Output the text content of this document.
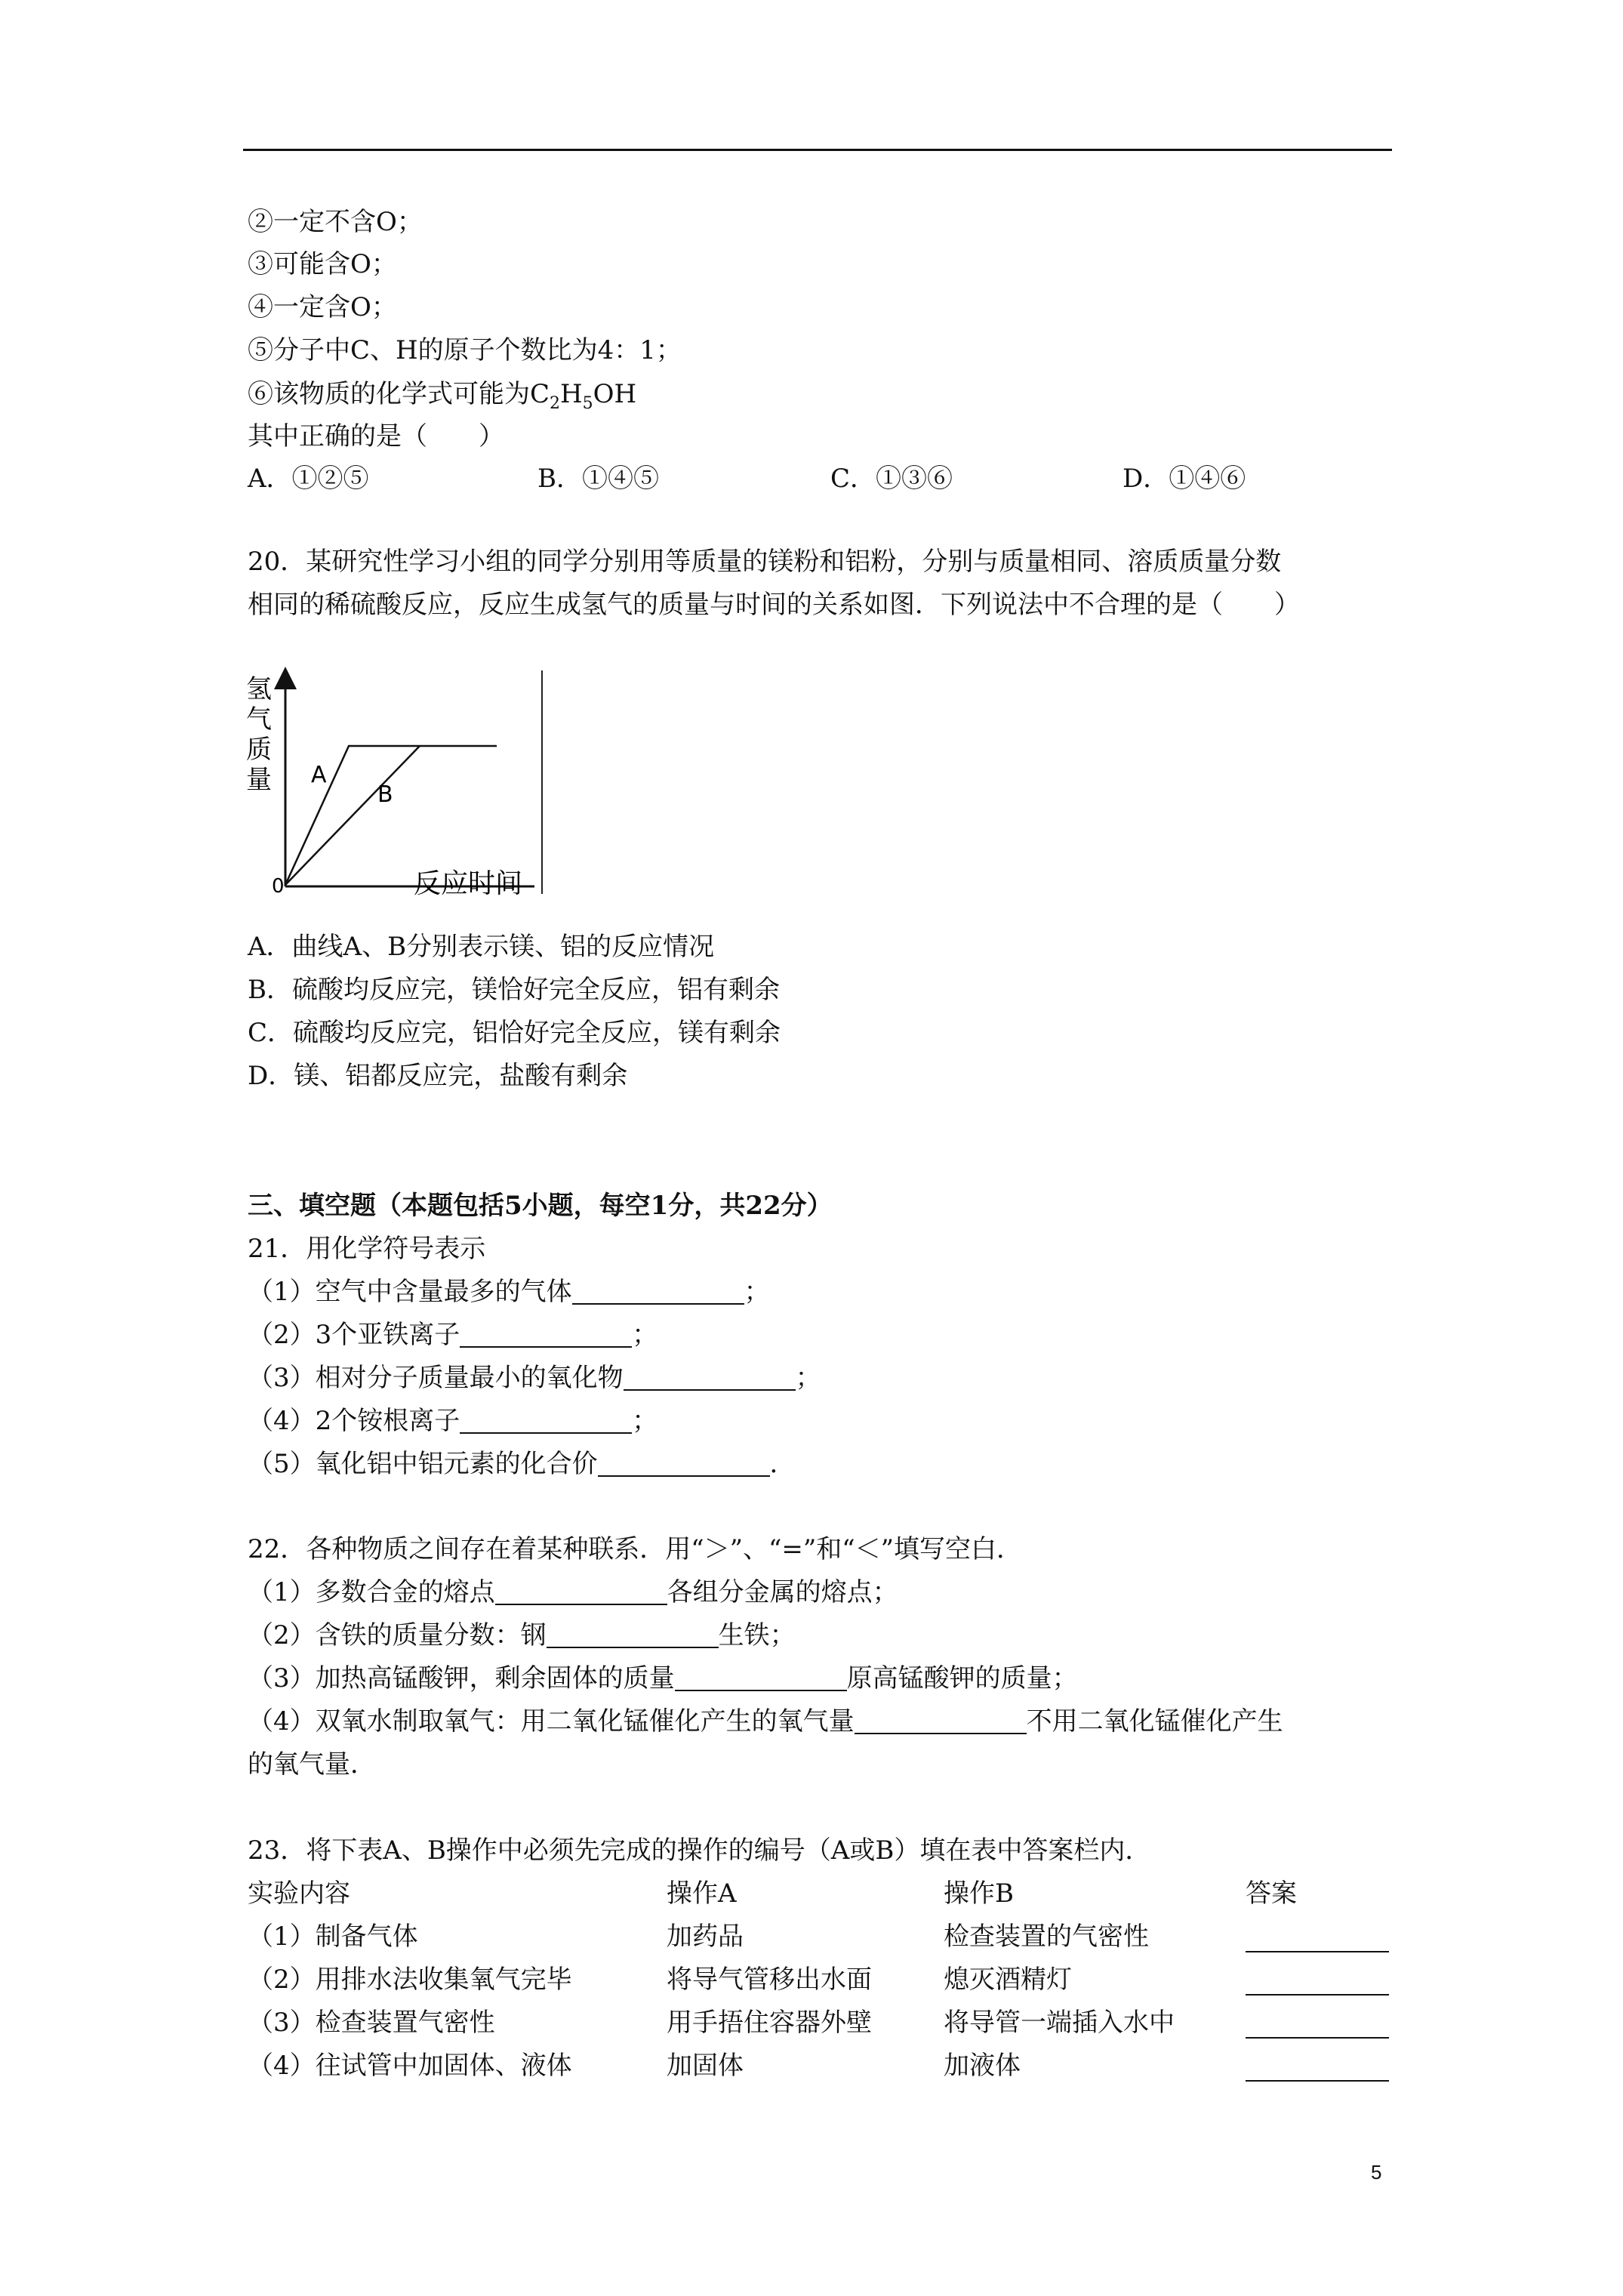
②一定不含O；
③可能含O；
④一定含O；
⑤分子中C、H的原子个数比为4：1；
⑥该物质的化学式可能为$C_2H_5OH$
其中正确的是（　　）
A．①②⑤	B．①④⑤	C．①③⑥	D．①④⑥
20．某研究性学习小组的同学分别用等质量的镁粉和铝粉，分别与质量相同、溶质质量分数
相同的稀硫酸反应，反应生成氢气的质量与时间的关系如图．下列说法中不合理的是（　　）
氢
气
质
量
0	反应时间
A
B
A．曲线A、B分别表示镁、铝的反应情况
B．硫酸均反应完，镁恰好完全反应，铝有剩余
C．硫酸均反应完，铝恰好完全反应，镁有剩余
D．镁、铝都反应完，盐酸有剩余
三、填空题（本题包括5小题，每空1分，共22分）
21．用化学符号表示
（1）空气中含量最多的气体	；
（2）3个亚铁离子	；
（3）相对分子质量最小的氧化物	；
（4）2个铵根离子	；
（5）氧化铝中铝元素的化合价	．
22．各种物质之间存在着某种联系．用“＞”、“=”和“＜”填写空白．
（1）多数合金的熔点	各组分金属的熔点；
（2）含铁的质量分数：钢	生铁；
（3）加热高锰酸钾，剩余固体的质量	原高锰酸钾的质量；
（4）双氧水制取氧气：用二氧化锰催化产生的氧气量	不用二氧化锰催化产生
的氧气量．
23．将下表A、B操作中必须先完成的操作的编号（A或B）填在表中答案栏内．
实验内容	操作A	操作B	答案
（1）制备气体	加药品	检查装置的气密性
（2）用排水法收集氧气完毕	将导气管移出水面	熄灭酒精灯
（3）检查装置气密性	用手捂住容器外壁	将导管一端插入水中
（4）往试管中加固体、液体	加固体	加液体
5
